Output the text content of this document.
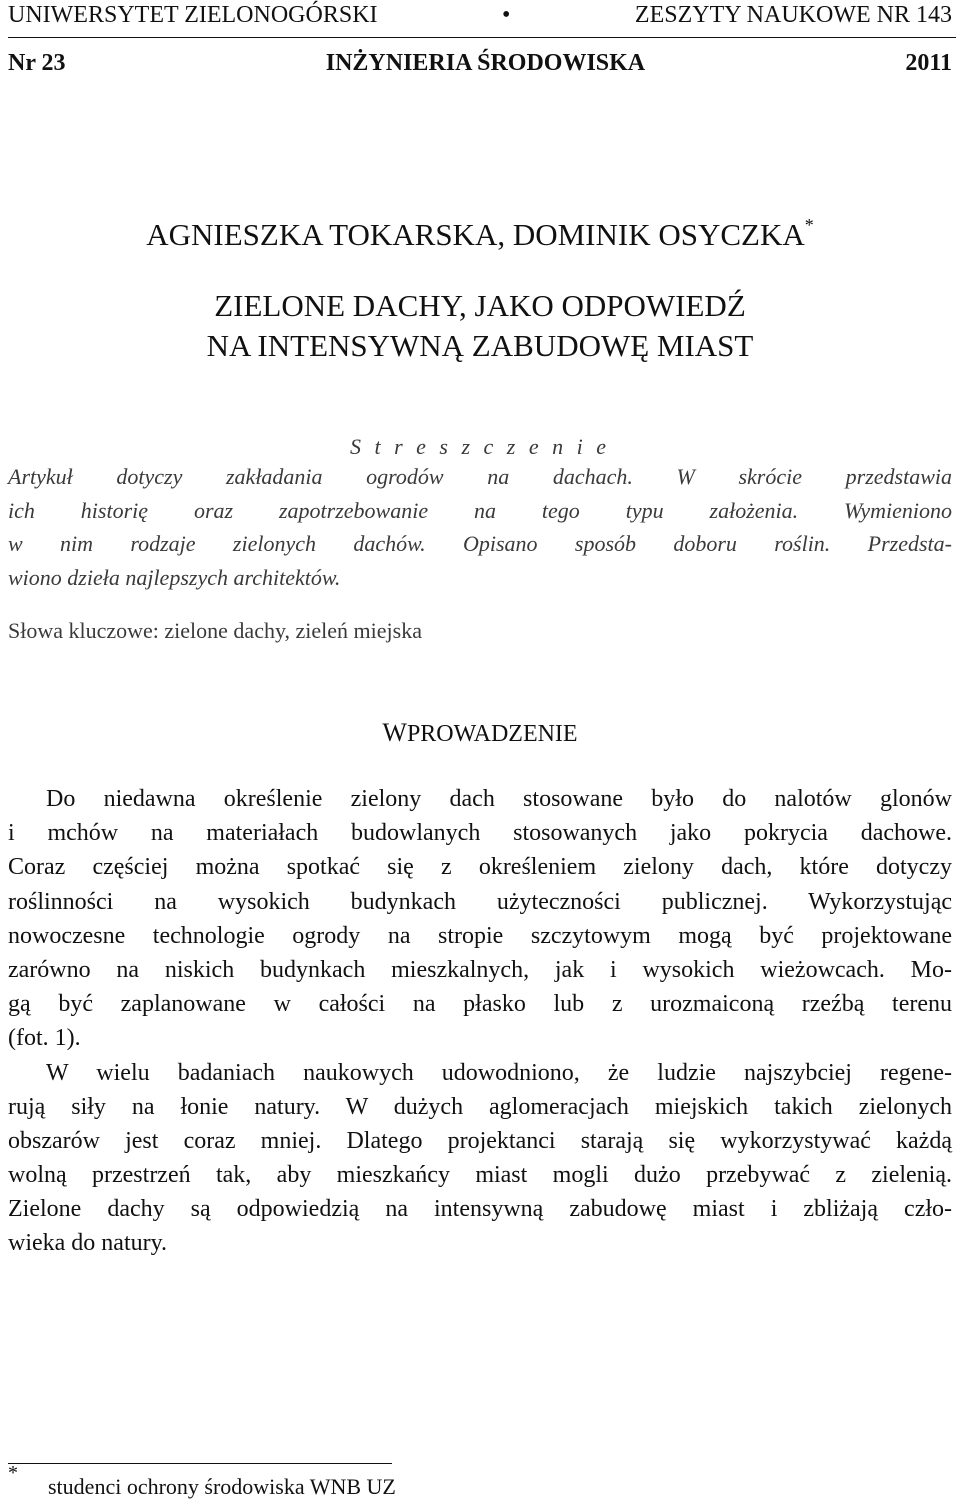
UNIWERSYTET ZIELONOGÓRSKI	•	ZESZYTY NAUKOWE NR 143
Nr 23	INŻYNIERIA ŚRODOWISKA	2011
AGNIESZKA TOKARSKA, DOMINIK OSYCZKA*
ZIELONE DACHY, JAKO ODPOWIEDŹ
NA INTENSYWNĄ ZABUDOWĘ MIAST
S t r e s z c z e n i e
Artykuł dotyczy zakładania ogrodów na dachach. W skrócie przedstawia
ich historię oraz zapotrzebowanie na tego typu założenia. Wymieniono
w nim rodzaje zielonych dachów. Opisano sposób doboru roślin. Przedsta-
wiono dzieła najlepszych architektów.
Słowa kluczowe: zielone dachy, zieleń miejska
WPROWADZENIE
Do niedawna określenie zielony dach stosowane było do nalotów glonów
i mchów na materiałach budowlanych stosowanych jako pokrycia dachowe.
Coraz częściej można spotkać się z określeniem zielony dach, które dotyczy
roślinności na wysokich budynkach użyteczności publicznej. Wykorzystując
nowoczesne technologie ogrody na stropie szczytowym mogą być projektowane
zarówno na niskich budynkach mieszkalnych, jak i wysokich wieżowcach. Mo-
gą być zaplanowane w całości na płasko lub z urozmaiconą rzeźbą terenu
(fot. 1).
W wielu badaniach naukowych udowodniono, że ludzie najszybciej regene-
rują siły na łonie natury. W dużych aglomeracjach miejskich takich zielonych
obszarów jest coraz mniej. Dlatego projektanci starają się wykorzystywać każdą
wolną przestrzeń tak, aby mieszkańcy miast mogli dużo przebywać z zielenią.
Zielone dachy są odpowiedzią na intensywną zabudowę miast i zbliżają czło-
wieka do natury.
*
studenci ochrony środowiska WNB UZ
